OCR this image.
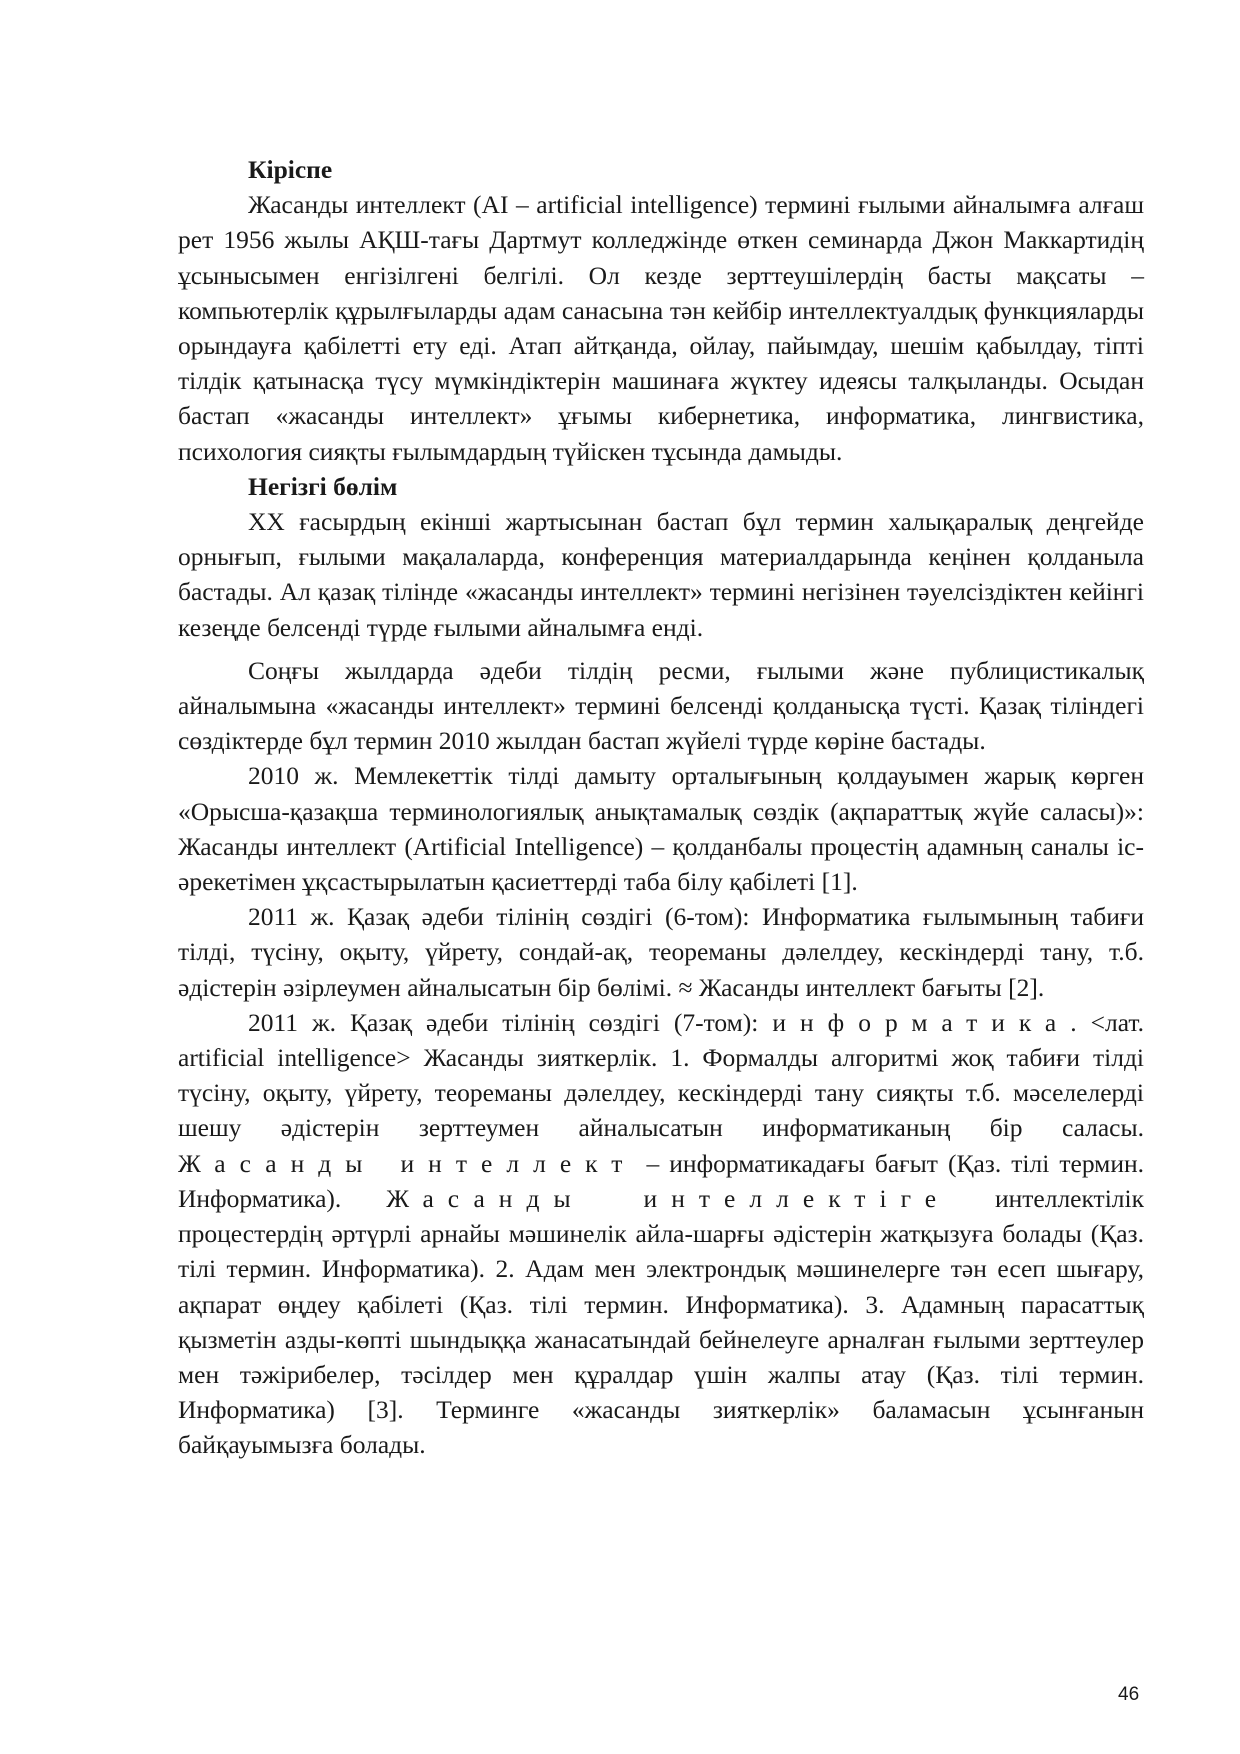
Кіріспе

Жасанды интеллект (AI – artificial intelligence) термині ғылыми айналымға алғаш рет 1956 жылы АҚШ-тағы Дартмут колледжінде өткен семинарда Джон Маккартидің ұсынысымен енгізілгені белгілі. Ол кезде зерттеушілердің басты мақсаты – компьютерлік құрылғыларды адам санасына тән кейбір интеллектуалдық функцияларды орындауға қабілетті ету еді. Атап айтқанда, ойлау, пайымдау, шешім қабылдау, тіпті тілдік қатынасқа түсу мүмкіндіктерін машинаға жүктеу идеясы талқыланды. Осыдан бастап «жасанды интеллект» ұғымы кибернетика, информатика, лингвистика, психология сияқты ғылымдардың түйіскен тұсында дамыды.

Негізгі бөлім

ХХ ғасырдың екінші жартысынан бастап бұл термин халықаралық деңгейде орнығып, ғылыми мақалаларда, конференция материалдарында кеңінен қолданыла бастады. Ал қазақ тілінде «жасанды интеллект» термині негізінен тәуелсіздіктен кейінгі кезеңде белсенді түрде ғылыми айналымға енді.

Соңғы жылдарда әдеби тілдің ресми, ғылыми және публицистикалық айналымына «жасанды интеллект» термині белсенді қолданысқа түсті. Қазақ тіліндегі сөздіктерде бұл термин 2010 жылдан бастап жүйелі түрде көріне бастады.

2010 ж. Мемлекеттік тілді дамыту орталығының қолдауымен жарық көрген «Орысша-қазақша терминологиялық анықтамалық сөздік (ақпараттық жүйе саласы)»: Жасанды интеллект (Artificial Intelligence) – қолданбалы процестің адамның саналы іс-әрекетімен ұқсастырылатын қасиеттерді таба білу қабілеті [1].

2011 ж. Қазақ әдеби тілінің сөздігі (6-том): Информатика ғылымының табиғи тілді, түсіну, оқыту, үйрету, сондай-ақ, теореманы дәлелдеу, кескіндерді тану, т.б. әдістерін әзірлеумен айналысатын бір бөлімі. ≈ Жасанды интеллект бағыты [2].

2011 ж. Қазақ әдеби тілінің сөздігі (7-том): информатика. <лат. artificial intelligence> Жасанды зияткерлік. 1. Формалды алгоритмі жоқ табиғи тілді түсіну, оқыту, үйрету, теореманы дәлелдеу, кескіндерді тану сияқты т.б. мәселелерді шешу әдістерін зерттеумен айналысатын информатиканың бір саласы. Жасанды интеллект – информатикадағы бағыт (Қаз. тілі термин. Информатика). Жасанды интеллектіге интеллектілік процестердің әртүрлі арнайы мәшинелік айла-шарғы әдістерін жатқызуға болады (Қаз. тілі термин. Информатика). 2. Адам мен электрондық мәшинелерге тән есеп шығару, ақпарат өңдеу қабілеті (Қаз. тілі термин. Информатика). 3. Адамның парасаттық қызметін азды-көпті шындыққа жанасатындай бейнелеуге арналған ғылыми зерттеулер мен тәжірибелер, тәсілдер мен құралдар үшін жалпы атау (Қаз. тілі термин. Информатика) [3]. Терминге «жасанды зияткерлік» баламасын ұсынғанын байқауымызға болады.

46
